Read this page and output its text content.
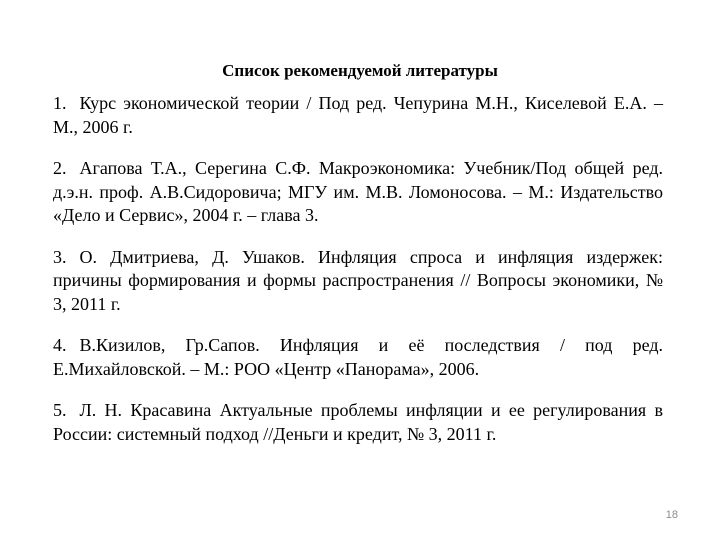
Список рекомендуемой литературы

1. Курс экономической теории / Под ред. Чепурина М.Н., Киселевой Е.А. – М., 2006 г.

2. Агапова Т.А., Серегина С.Ф. Макроэкономика: Учебник/Под общей ред. д.э.н. проф. А.В.Сидоровича; МГУ им. М.В. Ломоносова. – М.: Издательство «Дело и Сервис», 2004 г. – глава 3.

3. О. Дмитриева, Д. Ушаков. Инфляция спроса и инфляция издержек: причины формирования и формы распространения // Вопросы экономики, № 3, 2011 г.

4. В.Кизилов, Гр.Сапов. Инфляция и её последствия / под ред. Е.Михайловской. – М.: РОО «Центр «Панорама», 2006.

5. Л. Н. Красавина Актуальные проблемы инфляции и ее регулирования в России: системный подход //Деньги и кредит, № 3, 2011 г.

18
